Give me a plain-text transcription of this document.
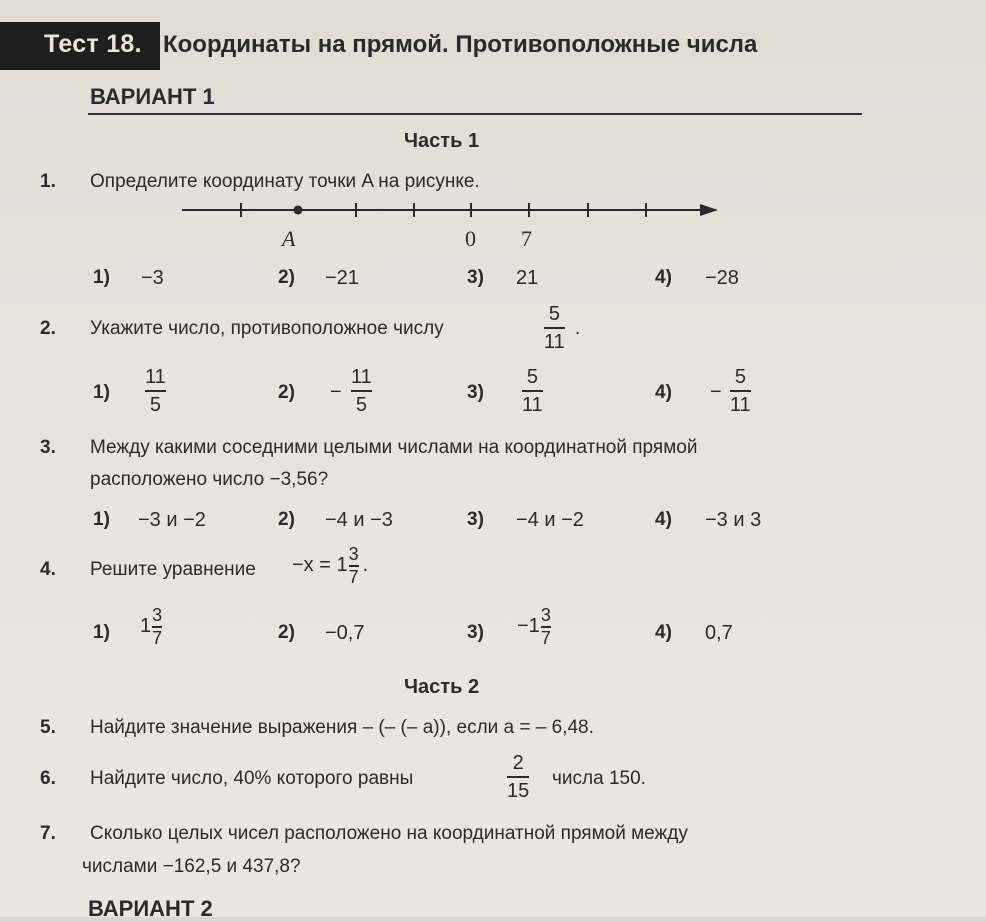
Тест 18. Координаты на прямой. Противоположные числа
ВАРИАНТ 1
Часть 1
1. Определите координату точки A на рисунке.
A	0 7
1) −3	2) −21	3) 21	4) −28
2. Укажите число, противоположное числу
5
11
.
1)
11
5
2) −
11
5
3)
5
11
4) −
5
11
3. Между какими соседними целыми числами на координатной прямой
расположено число −3,56?
1) −3 и −2	2) −4 и −3	3) −4 и −2	4) −3 и 3
4. Решите уравнение $-x = 1 \frac{3}{7}$ .
1) $1 \frac{3}{7}$	2) −0,7	$3) -1 \frac{3}{7}$	4) 0,7
Часть 2
5. Найдите значение выражения – (– (– a)), если a = – 6,48.
6. Найдите число, 40% которого равны
2
15
числа 150.
7. Сколько целых чисел расположено на координатной прямой между
числами −162,5 и 437,8?
ВАРИАНТ 2
